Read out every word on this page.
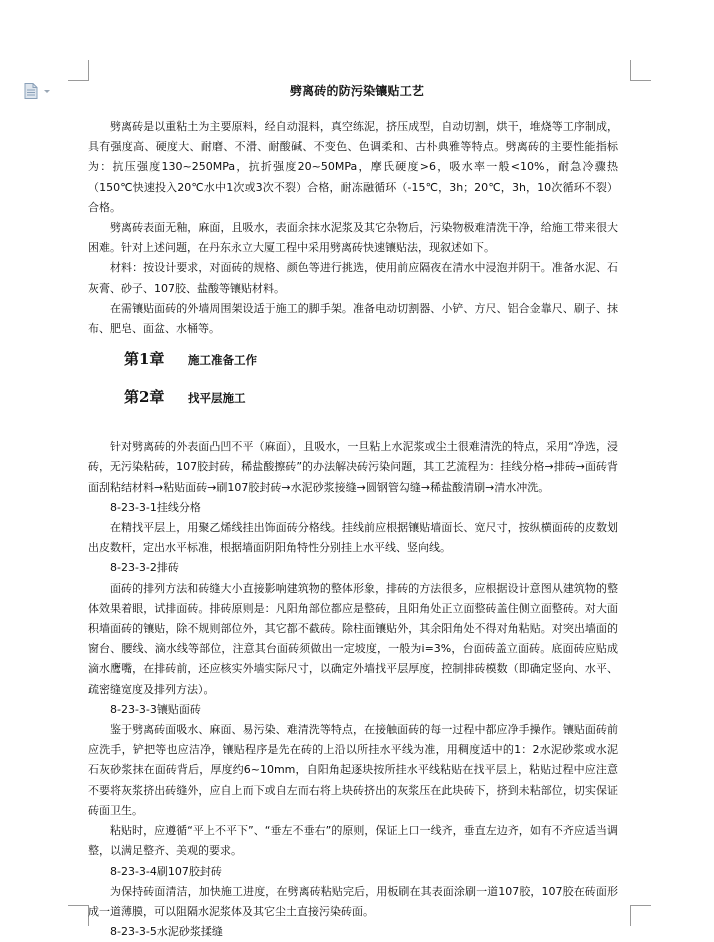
劈离砖的防污染镶贴工艺

劈离砖是以重粘土为主要原料，经自动混料，真空练泥，挤压成型，自动切割，烘干，堆烧等工序制成，具有强度高、硬度大、耐磨、不滑、耐酸碱、不变色、色调柔和、古朴典雅等特点。劈离砖的主要性能指标为：抗压强度130~250MPa，抗折强度20~50MPa，摩氏硬度>6，吸水率一般<10%，耐急冷骤热（150℃快速投入20℃水中1次或3次不裂）合格，耐冻融循环（-15℃，3h；20℃，3h，10次循环不裂）合格。

劈离砖表面无釉，麻面，且吸水，表面余抹水泥浆及其它杂物后，污染物极难清洗干净，给施工带来很大困难。针对上述问题，在丹东永立大厦工程中采用劈离砖快速镶贴法，现叙述如下。

材料：按设计要求，对面砖的规格、颜色等进行挑选，使用前应隔夜在清水中浸泡并阴干。准备水泥、石灰膏、砂子、107胶、盐酸等镶贴材料。

在需镶贴面砖的外墙周围架设适于施工的脚手架。准备电动切割器、小铲、方尺、铝合金靠尺、刷子、抹布、肥皂、面盆、水桶等。

第1章	施工准备工作
第2章	找平层施工

针对劈离砖的外表面凸凹不平（麻面），且吸水，一旦粘上水泥浆或尘土很难清洗的特点，采用“净选，浸砖，无污染粘砖，107胶封砖，稀盐酸擦砖”的办法解决砖污染问题，其工艺流程为：挂线分格→排砖→面砖背面刮粘结材料→粘贴面砖→刷107胶封砖→水泥砂浆接缝→圆钢管勾缝→稀盐酸清刷→清水冲洗。

8-23-3-1挂线分格

在精找平层上，用聚乙烯线挂出饰面砖分格线。挂线前应根据镶贴墙面长、宽尺寸，按纵横面砖的皮数划出皮数杆，定出水平标准，根据墙面阴阳角特性分别挂上水平线、竖向线。

8-23-3-2排砖

面砖的排列方法和砖缝大小直接影响建筑物的整体形象，排砖的方法很多，应根据设计意图从建筑物的整体效果着眼，试排面砖。排砖原则是：凡阳角部位都应是整砖，且阳角处正立面整砖盖住侧立面整砖。对大面积墙面砖的镶贴，除不规则部位外，其它都不截砖。除柱面镶贴外，其余阳角处不得对角粘贴。对突出墙面的窗台、腰线、滴水线等部位，注意其台面砖须做出一定坡度，一般为i=3%，台面砖盖立面砖。底面砖应贴成滴水鹰嘴，在排砖前，还应核实外墙实际尺寸，以确定外墙找平层厚度，控制排砖模数（即确定竖向、水平、疏密缝宽度及排列方法）。

8-23-3-3镶贴面砖

鉴于劈离砖面吸水、麻面、易污染、难清洗等特点，在接触面砖的每一过程中都应净手操作。镶贴面砖前应洗手，铲把等也应洁净，镶贴程序是先在砖的上沿以所挂水平线为准，用稠度适中的1：2水泥砂浆或水泥石灰砂浆抹在面砖背后，厚度约6~10mm，自阳角起逐块按所挂水平线粘贴在找平层上，粘贴过程中应注意不要将灰浆挤出砖缝外，应自上而下或自左而右将上块砖挤出的灰浆压在此块砖下，挤到未粘部位，切实保证砖面卫生。

粘贴时，应遵循“平上不平下”、“垂左不垂右”的原则，保证上口一线齐，垂直左边齐，如有不齐应适当调整，以满足整齐、美观的要求。

8-23-3-4刷107胶封砖

为保持砖面清洁，加快施工进度，在劈离砖粘贴完后，用板刷在其表面涂刷一道107胶，107胶在砖面形成一道薄膜，可以阻隔水泥浆体及其它尘土直接污染砖面。

8-23-3-5水泥砂浆揉缝
